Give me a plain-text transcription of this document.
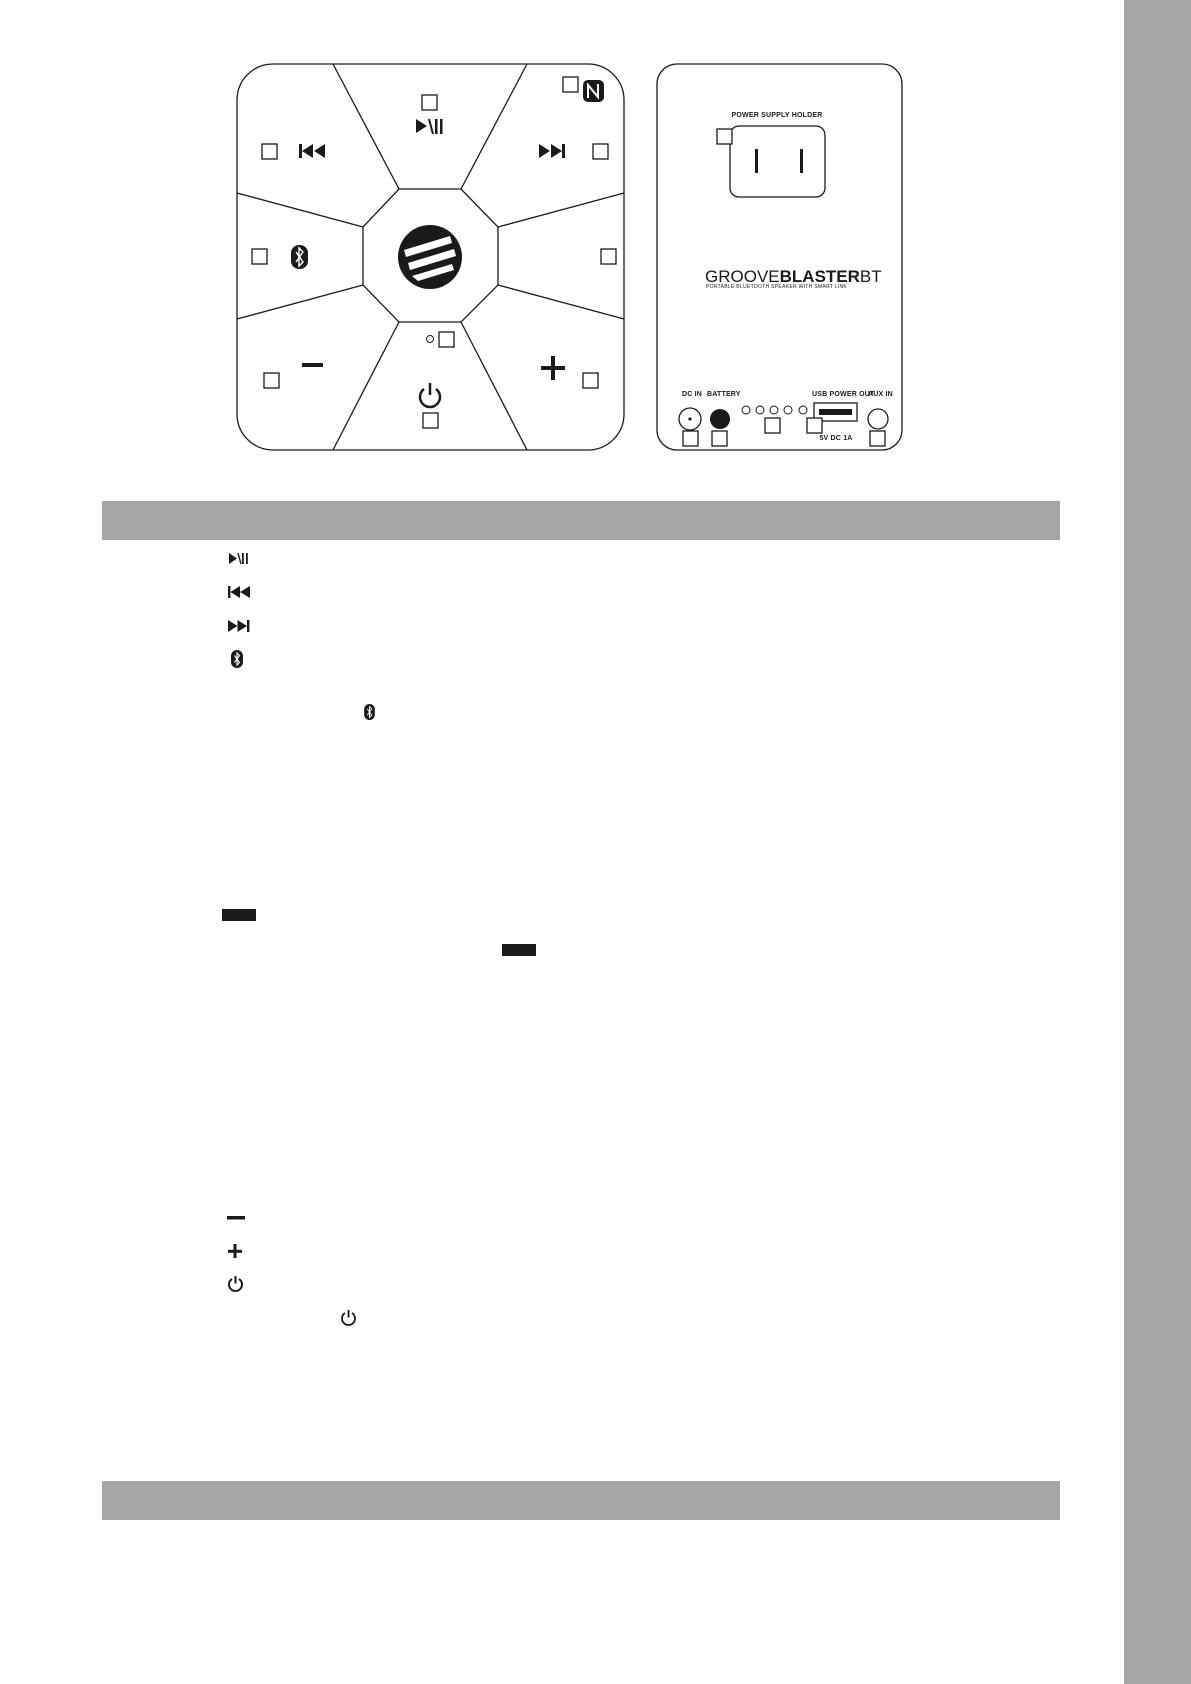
POWER SUPPLY HOLDER
GROOVEBLASTERBT
PORTABLE BLUETOOTH SPEAKER WITH SMART LINK
DC IN BATTERY	USB POWER OUT
AUX IN
5V DC 1A
